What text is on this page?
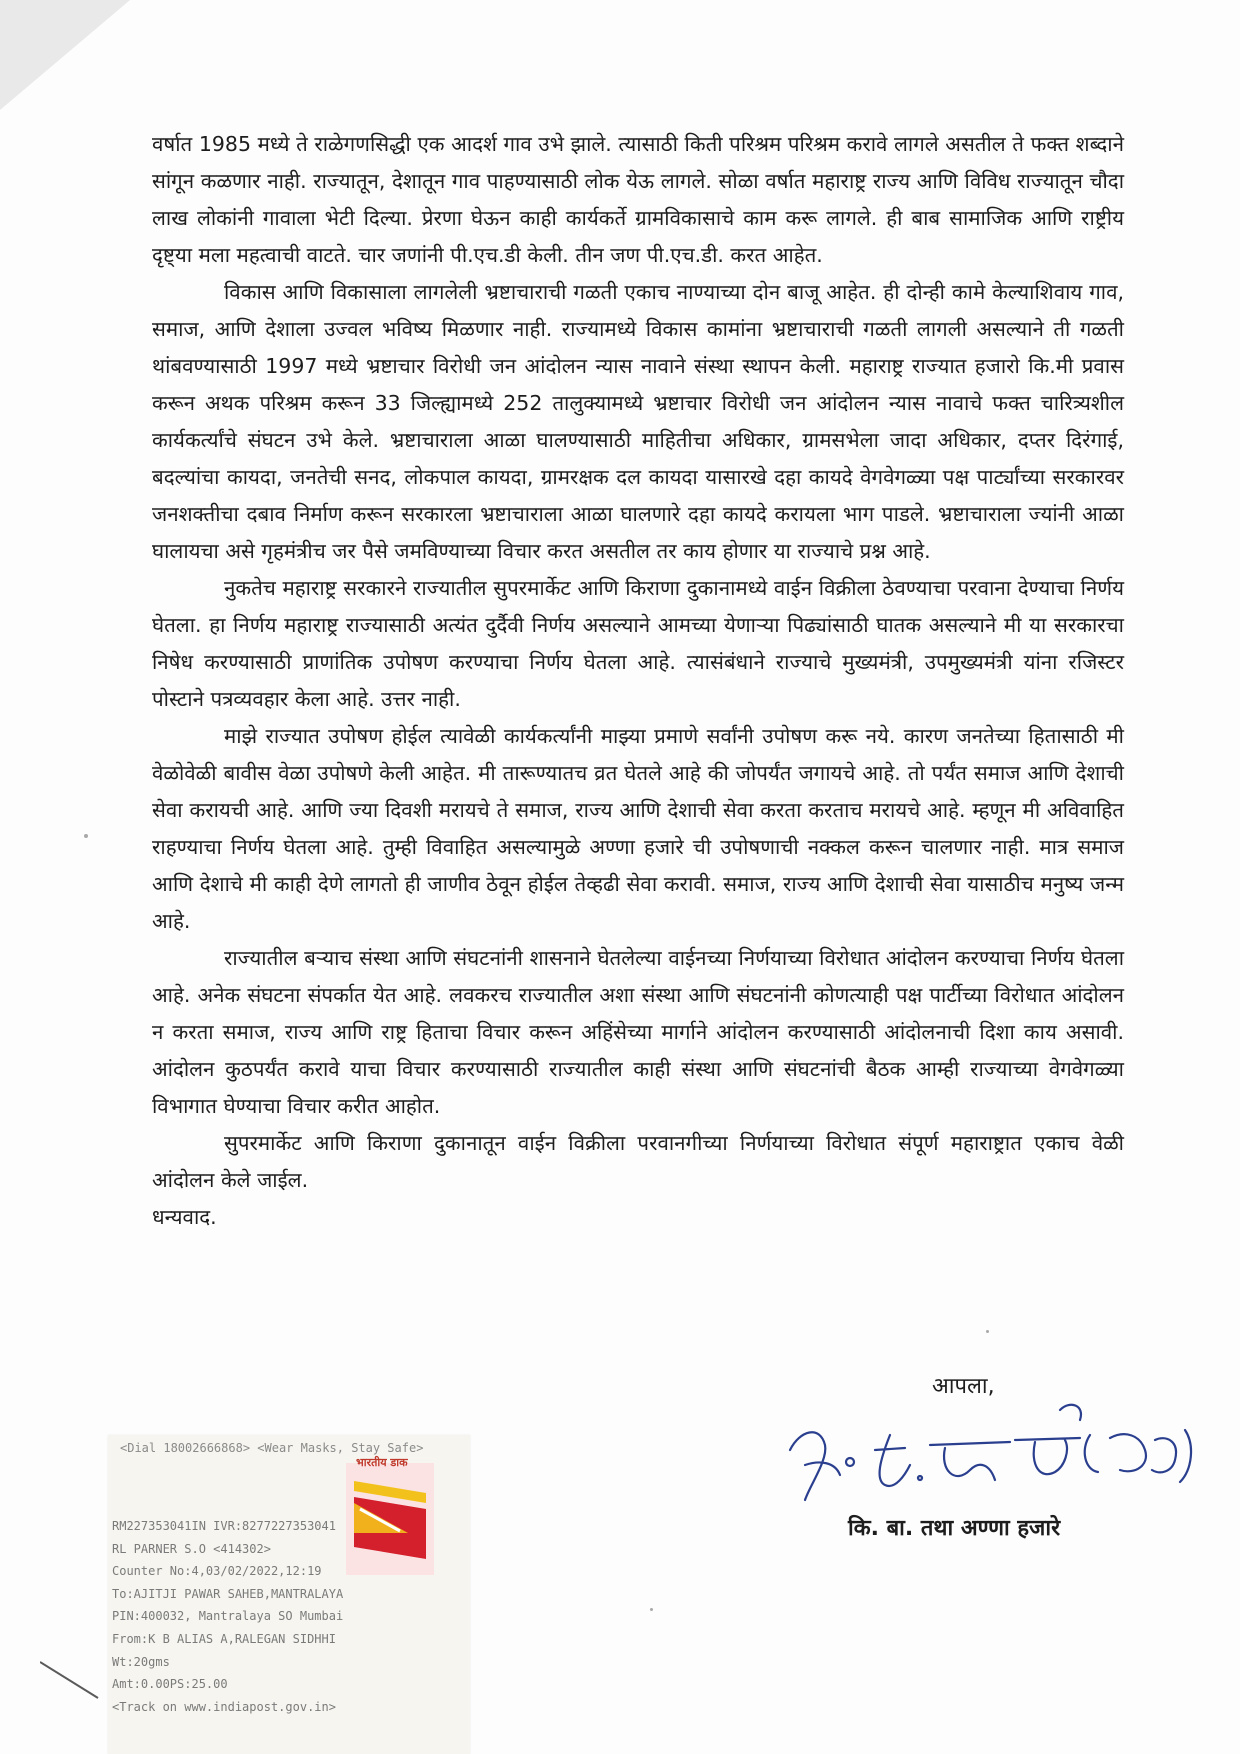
वर्षात 1985 मध्ये ते राळेगणसिद्धी एक आदर्श गाव उभे झाले. त्यासाठी किती परिश्रम परिश्रम करावे लागले असतील ते फक्त शब्दाने सांगून कळणार नाही. राज्यातून, देशातून गाव पाहण्यासाठी लोक येऊ लागले. सोळा वर्षात महाराष्ट्र राज्य आणि विविध राज्यातून चौदा लाख लोकांनी गावाला भेटी दिल्या. प्रेरणा घेऊन काही कार्यकर्ते ग्रामविकासाचे काम करू लागले. ही बाब सामाजिक आणि राष्ट्रीय दृष्ट्या मला महत्वाची वाटते. चार जणांनी पी.एच.डी केली. तीन जण पी.एच.डी. करत आहेत.

विकास आणि विकासाला लागलेली भ्रष्टाचाराची गळती एकाच नाण्याच्या दोन बाजू आहेत. ही दोन्ही कामे केल्याशिवाय गाव, समाज, आणि देशाला उज्वल भविष्य मिळणार नाही. राज्यामध्ये विकास कामांना भ्रष्टाचाराची गळती लागली असल्याने ती गळती थांबवण्यासाठी 1997 मध्ये भ्रष्टाचार विरोधी जन आंदोलन न्यास नावाने संस्था स्थापन केली. महाराष्ट्र राज्यात हजारो कि.मी प्रवास करून अथक परिश्रम करून 33 जिल्ह्यामध्ये 252 तालुक्यामध्ये भ्रष्टाचार विरोधी जन आंदोलन न्यास नावाचे फक्त चारित्र्यशील कार्यकर्त्यांचे संघटन उभे केले. भ्रष्टाचाराला आळा घालण्यासाठी माहितीचा अधिकार, ग्रामसभेला जादा अधिकार, दप्तर दिरंगाई, बदल्यांचा कायदा, जनतेची सनद, लोकपाल कायदा, ग्रामरक्षक दल कायदा यासारखे दहा कायदे वेगवेगळ्या पक्ष पार्ट्यांच्या सरकारवर जनशक्तीचा दबाव निर्माण करून सरकारला भ्रष्टाचाराला आळा घालणारे दहा कायदे करायला भाग पाडले. भ्रष्टाचाराला ज्यांनी आळा घालायचा असे गृहमंत्रीच जर पैसे जमविण्याच्या विचार करत असतील तर काय होणार या राज्याचे प्रश्न आहे.

नुकतेच महाराष्ट्र सरकारने राज्यातील सुपरमार्केट आणि किराणा दुकानामध्ये वाईन विक्रीला ठेवण्याचा परवाना देण्याचा निर्णय घेतला. हा निर्णय महाराष्ट्र राज्यासाठी अत्यंत दुर्दैवी निर्णय असल्याने आमच्या येणाऱ्या पिढ्यांसाठी घातक असल्याने मी या सरकारचा निषेध करण्यासाठी प्राणांतिक उपोषण करण्याचा निर्णय घेतला आहे. त्यासंबंधाने राज्याचे मुख्यमंत्री, उपमुख्यमंत्री यांना रजिस्टर पोस्टाने पत्रव्यवहार केला आहे. उत्तर नाही.

माझे राज्यात उपोषण होईल त्यावेळी कार्यकर्त्यांनी माझ्या प्रमाणे सर्वांनी उपोषण करू नये. कारण जनतेच्या हितासाठी मी वेळोवेळी बावीस वेळा उपोषणे केली आहेत. मी तारूण्यातच व्रत घेतले आहे की जोपर्यंत जगायचे आहे. तो पर्यंत समाज आणि देशाची सेवा करायची आहे. आणि ज्या दिवशी मरायचे ते समाज, राज्य आणि देशाची सेवा करता करताच मरायचे आहे. म्हणून मी अविवाहित राहण्याचा निर्णय घेतला आहे. तुम्ही विवाहित असल्यामुळे अण्णा हजारे ची उपोषणाची नक्कल करून चालणार नाही. मात्र समाज आणि देशाचे मी काही देणे लागतो ही जाणीव ठेवून होईल तेव्हढी सेवा करावी. समाज, राज्य आणि देशाची सेवा यासाठीच मनुष्य जन्म आहे.

राज्यातील बऱ्याच संस्था आणि संघटनांनी शासनाने घेतलेल्या वाईनच्या निर्णयाच्या विरोधात आंदोलन करण्याचा निर्णय घेतला आहे. अनेक संघटना संपर्कात येत आहे. लवकरच राज्यातील अशा संस्था आणि संघटनांनी कोणत्याही पक्ष पार्टीच्या विरोधात आंदोलन न करता समाज, राज्य आणि राष्ट्र हिताचा विचार करून अहिंसेच्या मार्गाने आंदोलन करण्यासाठी आंदोलनाची दिशा काय असावी. आंदोलन कुठपर्यंत करावे याचा विचार करण्यासाठी राज्यातील काही संस्था आणि संघटनांची बैठक आम्ही राज्याच्या वेगवेगळ्या विभागात घेण्याचा विचार करीत आहोत.

सुपरमार्केट आणि किराणा दुकानातून वाईन विक्रीला परवानगीच्या निर्णयाच्या विरोधात संपूर्ण महाराष्ट्रात एकाच वेळी आंदोलन केले जाईल.

धन्यवाद.

आपला,
कि. बा. तथा अण्णा हजारे
<Dial 18002666868> <Wear Masks, Stay Safe>
भारतीय डाक
RM227353041IN IVR:8277227353041
RL PARNER S.O <414302>
Counter No:4,03/02/2022,12:19
To:AJITJI PAWAR SAHEB,MANTRALAYA
PIN:400032, Mantralaya SO Mumbai
From:K B ALIAS A,RALEGAN SIDHHI
Wt:20gms
Amt:0.00PS:25.00
<Track on www.indiapost.gov.in>
